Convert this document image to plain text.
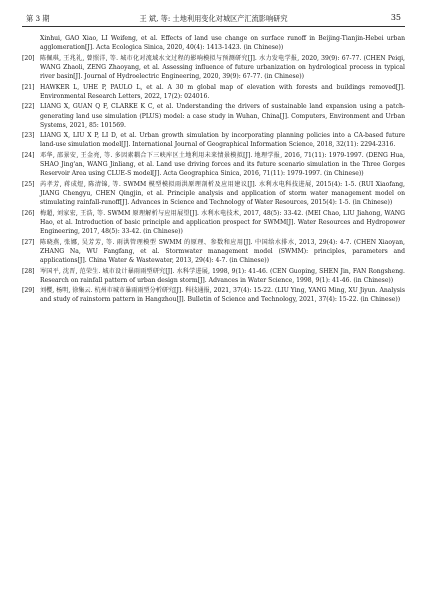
第 3 期	王 斌, 等: 土地利用变化对城区产汇流影响研究	35
Xinhui, GAO Xiao, LI Weifeng, et al. Effects of land use change on surface runoff in Beijing-Tianjin-Hebei urban agglomeration[J]. Acta Ecologica Sinica, 2020, 40(4): 1413-1423. (in Chinese))
[20] 陈佩琪, 王兆礼, 曾照洋, 等. 城市化对流域水文过程的影响模拟与预测研究[J]. 水力发电学报, 2020, 39(9): 67-77. (CHEN Peiqi, WANG Zhaoli, ZENG Zhaoyang, et al. Assessing influence of future urbanization on hydrological process in typical river basin[J]. Journal of Hydroelectric Engineering, 2020, 39(9): 67-77. (in Chinese))
[21] HAWKER L, UHE P, PAULO L, et al. A 30 m global map of elevation with forests and buildings removed[J]. Environmental Research Letters, 2022, 17(2): 024016.
[22] LIANG X, GUAN Q F, CLARKE K C, et al. Understanding the drivers of sustainable land expansion using a patch-generating land use simulation (PLUS) model: a case study in Wuhan, China[J]. Computers, Environment and Urban Systems, 2021, 85: 101569.
[23] LIANG X, LIU X P, LI D, et al. Urban growth simulation by incorporating planning policies into a CA-based future land-use simulation model[J]. International Journal of Geographical Information Science, 2018, 32(11): 2294-2316.
[24] 邓华, 邵景安, 王金亮, 等. 多因素耦合下三峡库区土地利用未来情景模拟[J]. 地理学报, 2016, 71(11): 1979-1997. (DENG Hua, SHAO Jing'an, WANG Jinliang, et al. Land use driving forces and its future scenario simulation in the Three Gorges Reservoir Area using CLUE-S model[J]. Acta Geographica Sinica, 2016, 71(11): 1979-1997. (in Chinese))
[25] 芮孝芳, 蒋成煜, 陈清锦, 等. SWMM 模型模拟雨洪原理剖析及应用建议[J]. 水利水电科技进展, 2015(4): 1-5. (RUI Xiaofang, JIANG Chengyu, CHEN Qingjin, et al. Principle analysis and application of storm water management model on stimulating rainfall-runoff[J]. Advances in Science and Technology of Water Resources, 2015(4): 1-5. (in Chinese))
[26] 梅超, 刘家宏, 王浩, 等. SWMM 原理解析与应用展望[J]. 水利水电技术, 2017, 48(5): 33-42. (MEI Chao, LIU Jiahong, WANG Hao, et al. Introduction of basic principle and application prospect for SWMM[J]. Water Resources and Hydropower Engineering, 2017, 48(5): 33-42. (in Chinese))
[27] 陈晓燕, 张娜, 吴芳芳, 等. 雨洪管理模型 SWMM 的原理、参数和应用[J]. 中国给水排水, 2013, 29(4): 4-7. (CHEN Xiaoyan, ZHANG Na, WU Fangfang, et al. Stormwater management model (SWMM): principles, parameters and applications[J]. China Water & Wastewater, 2013, 29(4): 4-7. (in Chinese))
[28] 岑国平, 沈晋, 范荣生. 城市设计暴雨雨型研究[J]. 水科学进展, 1998, 9(1): 41-46. (CEN Guoping, SHEN Jin, FAN Rongsheng. Research on rainfall pattern of urban design storm[J]. Advances in Water Science, 1998, 9(1): 41-46. (in Chinese))
[29] 刘樱, 杨明, 徐集云. 杭州市城市暴雨雨型分析研究[J]. 科技通报, 2021, 37(4): 15-22. (LIU Ying, YANG Ming, XU Jiyun. Analysis and study of rainstorm pattern in Hangzhou[J]. Bulletin of Science and Technology, 2021, 37(4): 15-22. (in Chinese))
